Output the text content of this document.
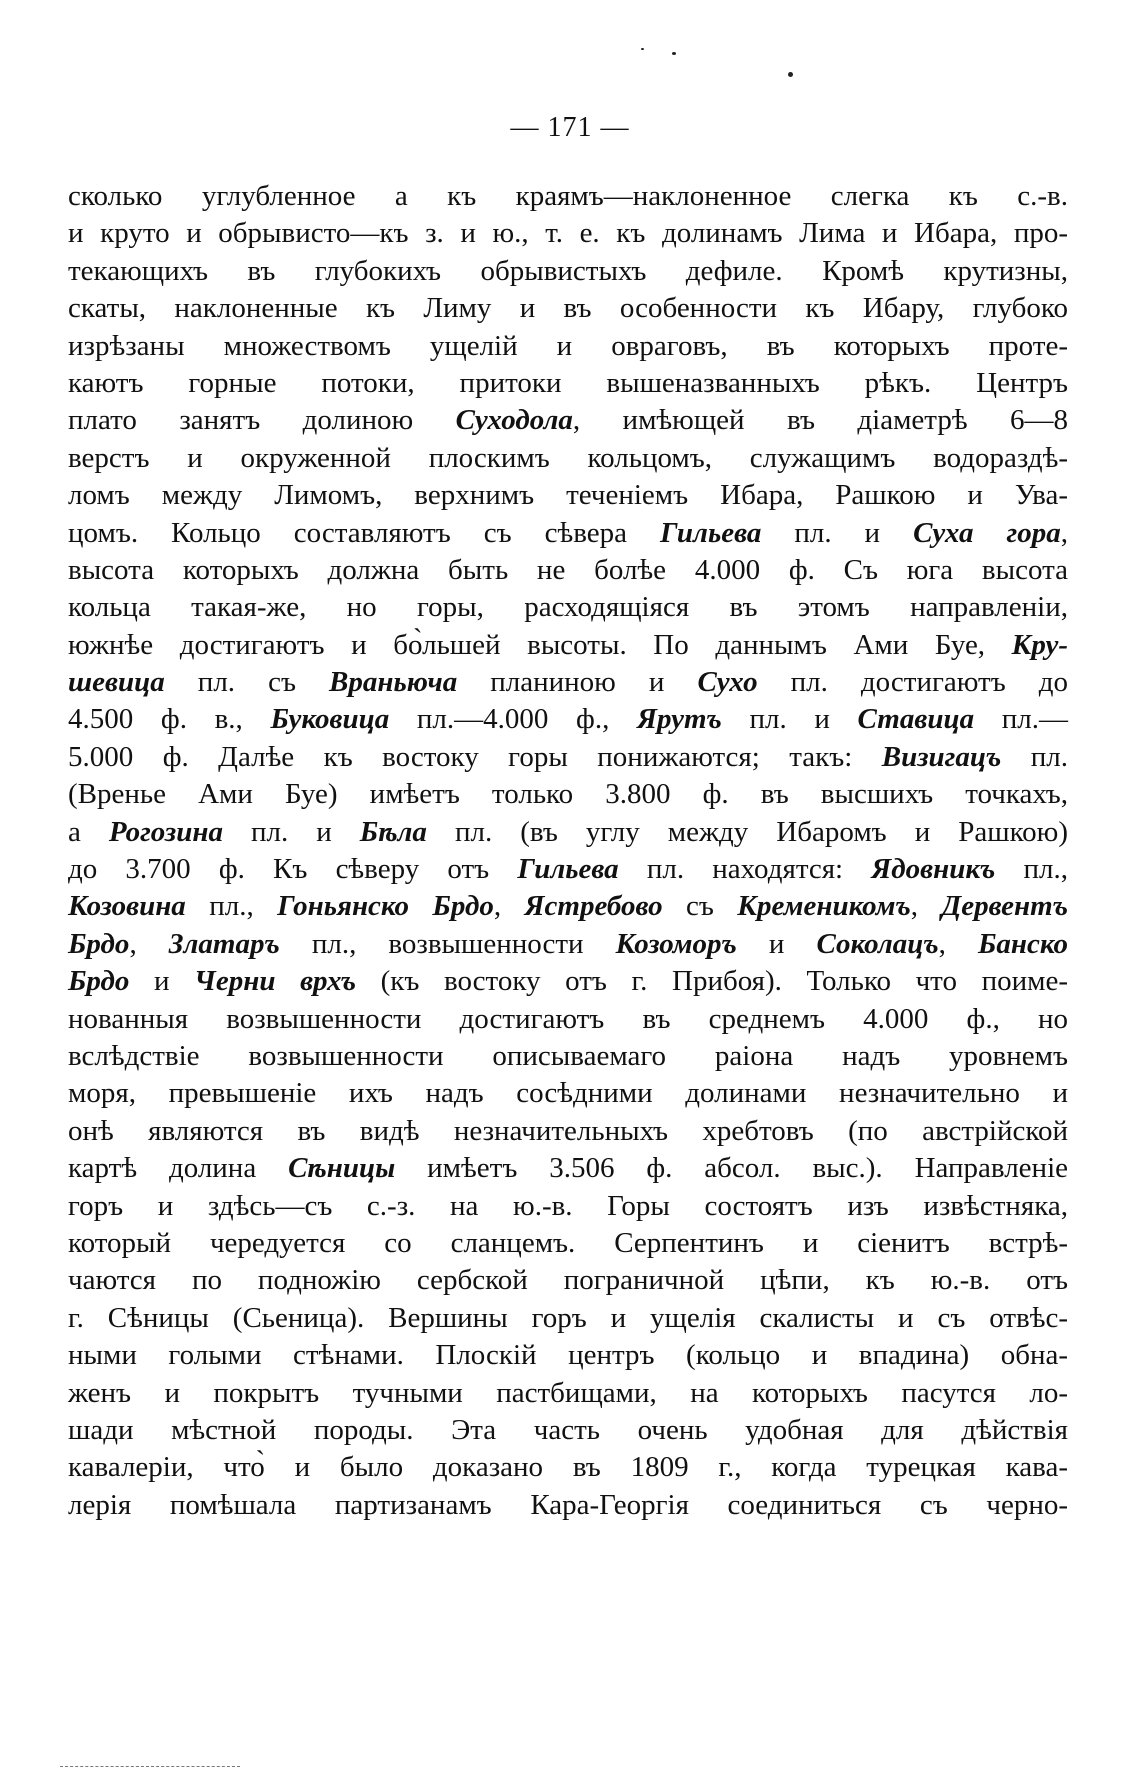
— 171 —
сколько углубленное а къ краямъ—наклоненное слегка къ с.-в.
и круто и обрывисто—къ з. и ю., т. е. къ долинамъ Лима и Ибара, про-
текающихъ въ глубокихъ обрывистыхъ дефиле. Кромѣ крутизны,
скаты, наклоненные къ Лиму и въ особенности къ Ибару, глубоко
изрѣзаны множествомъ ущелій и овраговъ, въ которыхъ проте-
каютъ горные потоки, притоки вышеназванныхъ рѣкъ. Центръ
плато занятъ долиною Суходола, имѣющей въ діаметрѣ 6—8
верстъ и окруженной плоскимъ кольцомъ, служащимъ водораздѣ-
ломъ между Лимомъ, верхнимъ теченіемъ Ибара, Рашкою и Ува-
цомъ. Кольцо составляютъ съ сѣвера Гильева пл. и Суха гора,
высота которыхъ должна быть не болѣе 4.000 ф. Съ юга высота
кольца такая-же, но горы, расходящіяся въ этомъ направленіи,
южнѣе достигаютъ и бо̀льшей высоты. По даннымъ Ами Буе, Кру-
шевица пл. съ Враньюча планиною и Сухо пл. достигаютъ до
4.500 ф. в., Буковица пл.—4.000 ф., Ярутъ пл. и Ставица пл.—
5.000 ф. Далѣе къ востоку горы понижаются; такъ: Визигацъ пл.
(Вренье Ами Буе) имѣетъ только 3.800 ф. въ высшихъ точкахъ,
а Рогозина пл. и Бѣла пл. (въ углу между Ибаромъ и Рашкою)
до 3.700 ф. Къ сѣверу отъ Гильева пл. находятся: Ядовникъ пл.,
Козовина пл., Гоньянско Брдо, Ястребово съ Кременикомъ, Дервентъ
Брдо, Златаръ пл., возвышенности Козоморъ и Соколацъ, Банско
Брдо и Черни врхъ (къ востоку отъ г. Прибоя). Только что поиме-
нованныя возвышенности достигаютъ въ среднемъ 4.000 ф., но
вслѣдствіе возвышенности описываемаго раіона надъ уровнемъ
моря, превышеніе ихъ надъ сосѣдними долинами незначительно и
онѣ являются въ видѣ незначительныхъ хребтовъ (по австрійской
картѣ долина Сѣницы имѣетъ 3.506 ф. абсол. выс.). Направленіе
горъ и здѣсь—съ с.-з. на ю.-в. Горы состоятъ изъ извѣстняка,
который чередуется со сланцемъ. Серпентинъ и сіенитъ встрѣ-
чаются по подножію сербской пограничной цѣпи, къ ю.-в. отъ
г. Сѣницы (Сьеница). Вершины горъ и ущелія скалисты и съ отвѣс-
ными голыми стѣнами. Плоскій центръ (кольцо и впадина) обна-
женъ и покрытъ тучными пастбищами, на которыхъ пасутся ло-
шади мѣстной породы. Эта часть очень удобная для дѣйствія
кавалеріи, что̀ и было доказано въ 1809 г., когда турецкая кава-
лерія помѣшала партизанамъ Кара-Георгія соединиться съ черно-
